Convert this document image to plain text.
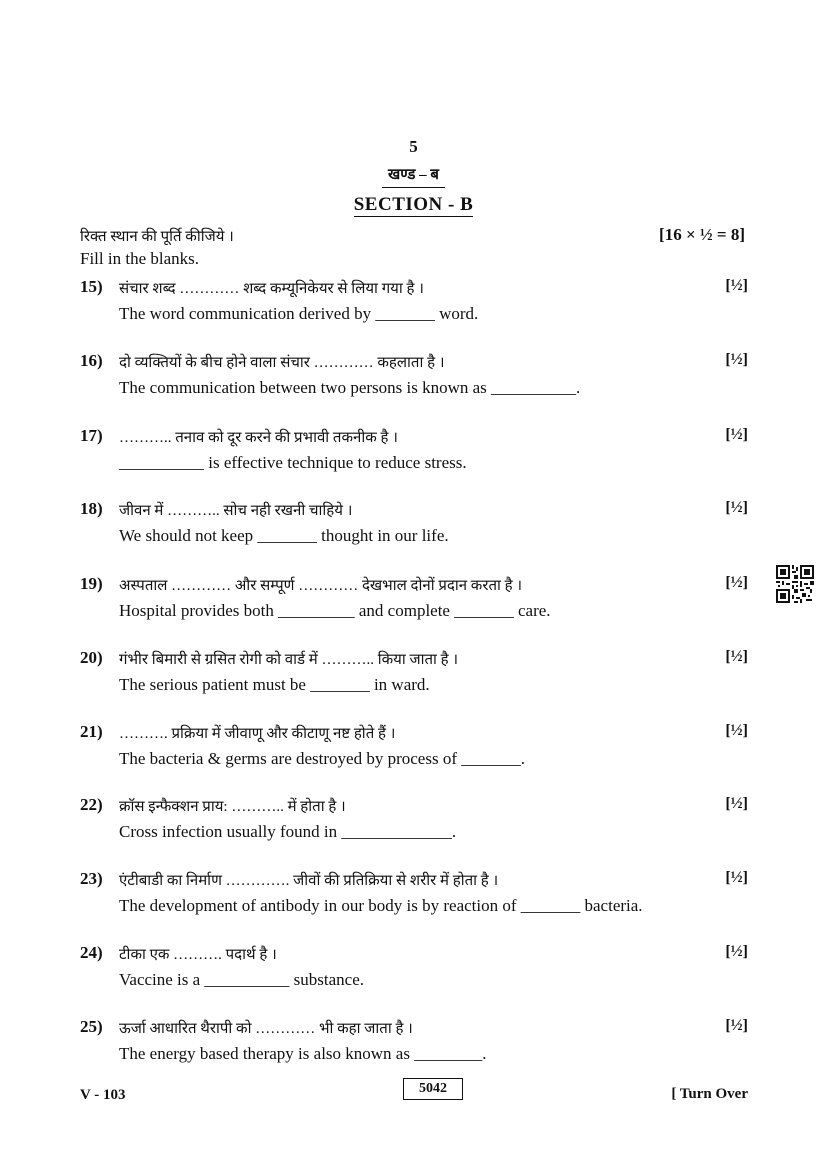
5
खण्ड – ब
SECTION - B
रिक्त स्थान की पूर्ति कीजिये ।	[16 × ½ = 8]
Fill in the blanks.
15) संचार शब्द ………… शब्द कम्यूनिकेयर से लिया गया है ।	[½]
The word communication derived by _______ word.
16) दो व्यक्तियों के बीच होने वाला संचार ………… कहलाता है ।	[½]
The communication between two persons is known as __________.
17) ……….. तनाव को दूर करने की प्रभावी तकनीक है ।	[½]
__________ is effective technique to reduce stress.
18) जीवन में ……….. सोच नही रखनी चाहिये ।	[½]
We should not keep _______ thought in our life.
19) अस्पताल ………… और सम्पूर्ण ………… देखभाल दोनों प्रदान करता है ।	[½]
Hospital provides both _________ and complete _______ care.
20) गंभीर बिमारी से ग्रसित रोगी को वार्ड में ……….. किया जाता है ।	[½]
The serious patient must be _______ in ward.
21) ………. प्रक्रिया में जीवाणू और कीटाणू नष्ट होते हैं ।	[½]
The bacteria & germs are destroyed by process of _______.
22) क्रॉस इन्फैक्शन प्राय: ……….. में होता है ।	[½]
Cross infection usually found in _____________.
23) एंटीबाडी का निर्माण …………. जीवों की प्रतिक्रिया से शरीर में होता है ।	[½]
The development of antibody in our body is by reaction of _______ bacteria.
24) टीका एक ………. पदार्थ है ।	[½]
Vaccine is a __________ substance.
25) ऊर्जा आधारित थैरापी को ………… भी कहा जाता है ।	[½]
The energy based therapy is also known as ________.
V - 103	5042	[ Turn Over
